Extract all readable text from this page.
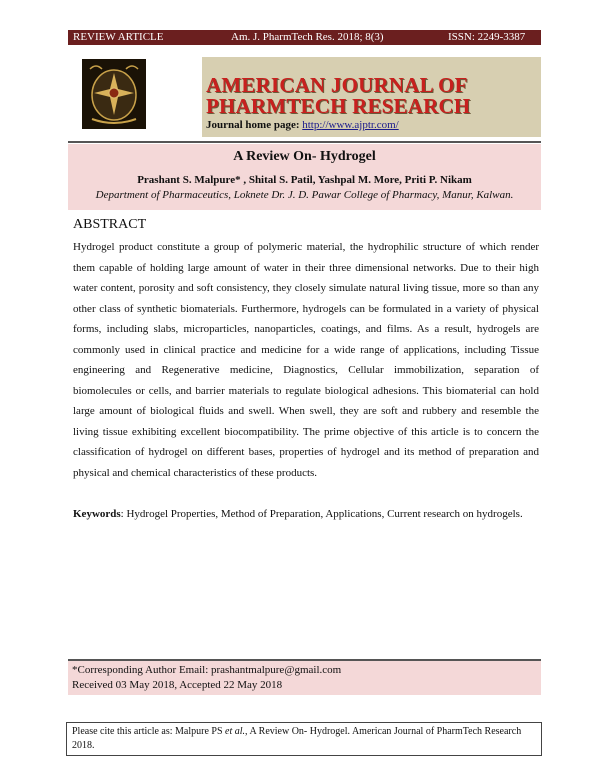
REVIEW ARTICLE	Am. J. PharmTech Res. 2018; 8(3)	ISSN: 2249-3387
AMERICAN JOURNAL OF
PHARMTECH RESEARCH
Journal home page: http://www.ajptr.com/
A Review On- Hydrogel
Prashant S. Malpure* , Shital S. Patil, Yashpal M. More, Priti P. Nikam
Department of Pharmaceutics, Loknete Dr. J. D. Pawar College of Pharmacy, Manur, Kalwan.
ABSTRACT
Hydrogel product constitute a group of polymeric material, the hydrophilic structure of which render them capable of holding large amount of water in their three dimensional networks. Due to their high water content, porosity and soft consistency, they closely simulate natural living tissue, more so than any other class of synthetic biomaterials. Furthermore, hydrogels can be formulated in a variety of physical forms, including slabs, microparticles, nanoparticles, coatings, and films. As a result, hydrogels are commonly used in clinical practice and medicine for a wide range of applications, including Tissue engineering and Regenerative medicine, Diagnostics, Cellular immobilization, separation of biomolecules or cells, and barrier materials to regulate biological adhesions. This biomaterial can hold large amount of biological fluids and swell. When swell, they are soft and rubbery and resemble the living tissue exhibiting excellent biocompatibility. The prime objective of this article is to concern the classification of hydrogel on different bases, properties of hydrogel and its method of preparation and physical and chemical characteristics of these products.
Keywords: Hydrogel Properties, Method of Preparation, Applications, Current research on hydrogels.
*Corresponding Author Email: prashantmalpure@gmail.com
Received 03 May 2018, Accepted 22 May 2018
Please cite this article as: Malpure PS et al., A Review On- Hydrogel. American Journal of PharmTech Research 2018.
